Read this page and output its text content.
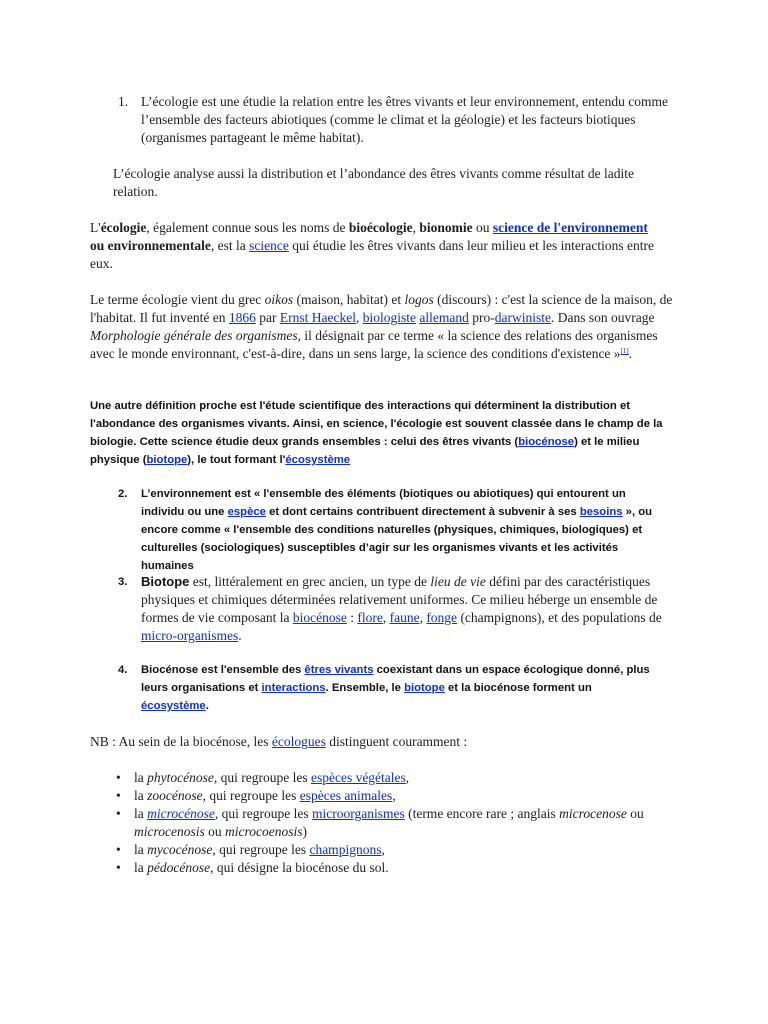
1. L’écologie est une étudie la relation entre les êtres vivants et leur environnement, entendu comme l’ensemble des facteurs abiotiques (comme le climat et la géologie) et les facteurs biotiques (organismes partageant le même habitat).

L’écologie analyse aussi la distribution et l’abondance des êtres vivants comme résultat de ladite relation.

L'écologie, également connue sous les noms de bioécologie, bionomie ou science de l'environnement ou environnementale, est la science qui étudie les êtres vivants dans leur milieu et les interactions entre eux.

Le terme écologie vient du grec oikos (maison, habitat) et logos (discours) : c'est la science de la maison, de l'habitat. Il fut inventé en 1866 par Ernst Haeckel, biologiste allemand pro-darwiniste. Dans son ouvrage Morphologie générale des organismes, il désignait par ce terme « la science des relations des organismes avec le monde environnant, c'est-à-dire, dans un sens large, la science des conditions d'existence »[1].

Une autre définition proche est l'étude scientifique des interactions qui déterminent la distribution et l'abondance des organismes vivants. Ainsi, en science, l'écologie est souvent classée dans le champ de la biologie. Cette science étudie deux grands ensembles : celui des êtres vivants (biocénose) et le milieu physique (biotope), le tout formant l'écosystème

2. L’environnement est « l'ensemble des éléments (biotiques ou abiotiques) qui entourent un individu ou une espèce et dont certains contribuent directement à subvenir à ses besoins », ou encore comme « l'ensemble des conditions naturelles (physiques, chimiques, biologiques) et culturelles (sociologiques) susceptibles d’agir sur les organismes vivants et les activités humaines

3. Biotope est, littéralement en grec ancien, un type de lieu de vie défini par des caractéristiques physiques et chimiques déterminées relativement uniformes. Ce milieu héberge un ensemble de formes de vie composant la biocénose : flore, faune, fonge (champignons), et des populations de micro-organismes.

4. Biocénose est l'ensemble des êtres vivants coexistant dans un espace écologique donné, plus leurs organisations et interactions. Ensemble, le biotope et la biocénose forment un écosystème.

NB : Au sein de la biocénose, les écologues distinguent couramment :

• la phytocénose, qui regroupe les espèces végétales,
• la zoocénose, qui regroupe les espèces animales,
• la microcénose, qui regroupe les microorganismes (terme encore rare ; anglais microcenose ou microcenosis ou microcoenosis)
• la mycocénose, qui regroupe les champignons,
• la pédocénose, qui désigne la biocénose du sol.
